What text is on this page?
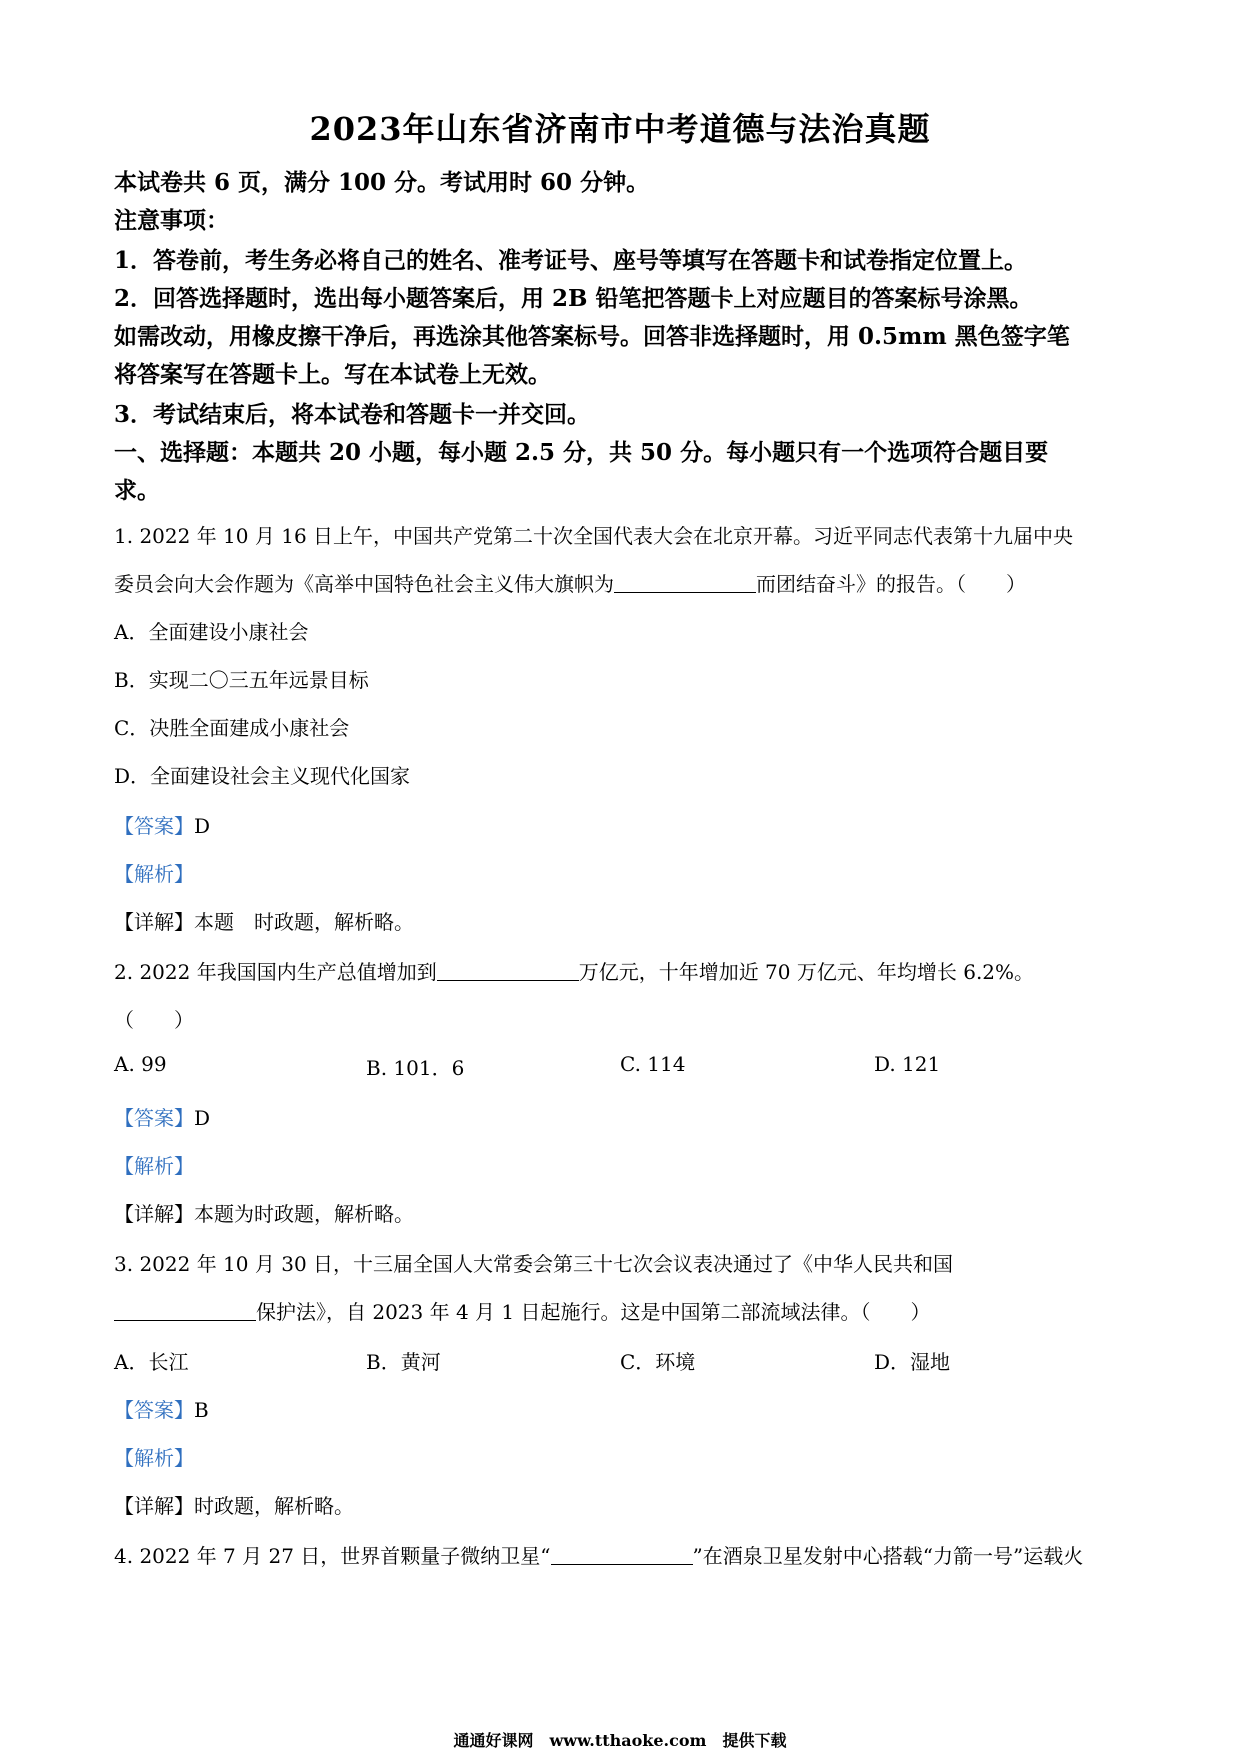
2023年山东省济南市中考道德与法治真题
本试卷共 6 页，满分 100 分。考试用时 60 分钟。
注意事项：
1．答卷前，考生务必将自己的姓名、准考证号、座号等填写在答题卡和试卷指定位置上。
2．回答选择题时，选出每小题答案后，用 2B 铅笔把答题卡上对应题目的答案标号涂黑。
如需改动，用橡皮擦干净后，再选涂其他答案标号。回答非选择题时，用 0.5mm 黑色签字笔
将答案写在答题卡上。写在本试卷上无效。
3．考试结束后，将本试卷和答题卡一并交回。
一、选择题：本题共 20 小题，每小题 2.5 分，共 50 分。每小题只有一个选项符合题目要
求。
1. 2022 年 10 月 16 日上午，中国共产党第二十次全国代表大会在北京开幕。习近平同志代表第十九届中央
委员会向大会作题为《高举中国特色社会主义伟大旗帜为	而团结奋斗》的报告。（　　）
A．全面建设小康社会
B．实现二〇三五年远景目标
C．决胜全面建成小康社会
D．全面建设社会主义现代化国家
【答案】D
【解析】
【详解】本题　时政题，解析略。
2. 2022 年我国国内生产总值增加到	万亿元，十年增加近 70 万亿元、年均增长 6.2%。
（　　）
A. 99	B. 101．6	C. 114	D. 121
【答案】D
【解析】
【详解】本题为时政题，解析略。
3. 2022 年 10 月 30 日，十三届全国人大常委会第三十七次会议表决通过了《中华人民共和国
保护法》，自 2023 年 4 月 1 日起施行。这是中国第二部流域法律。（　　）
A．长江	B．黄河	C．环境	D．湿地
【答案】B
【解析】
【详解】时政题，解析略。
4. 2022 年 7 月 27 日，世界首颗量子微纳卫星“	”在酒泉卫星发射中心搭载“力箭一号”运载火
通通好课网　www.tthaoke.com　提供下载
